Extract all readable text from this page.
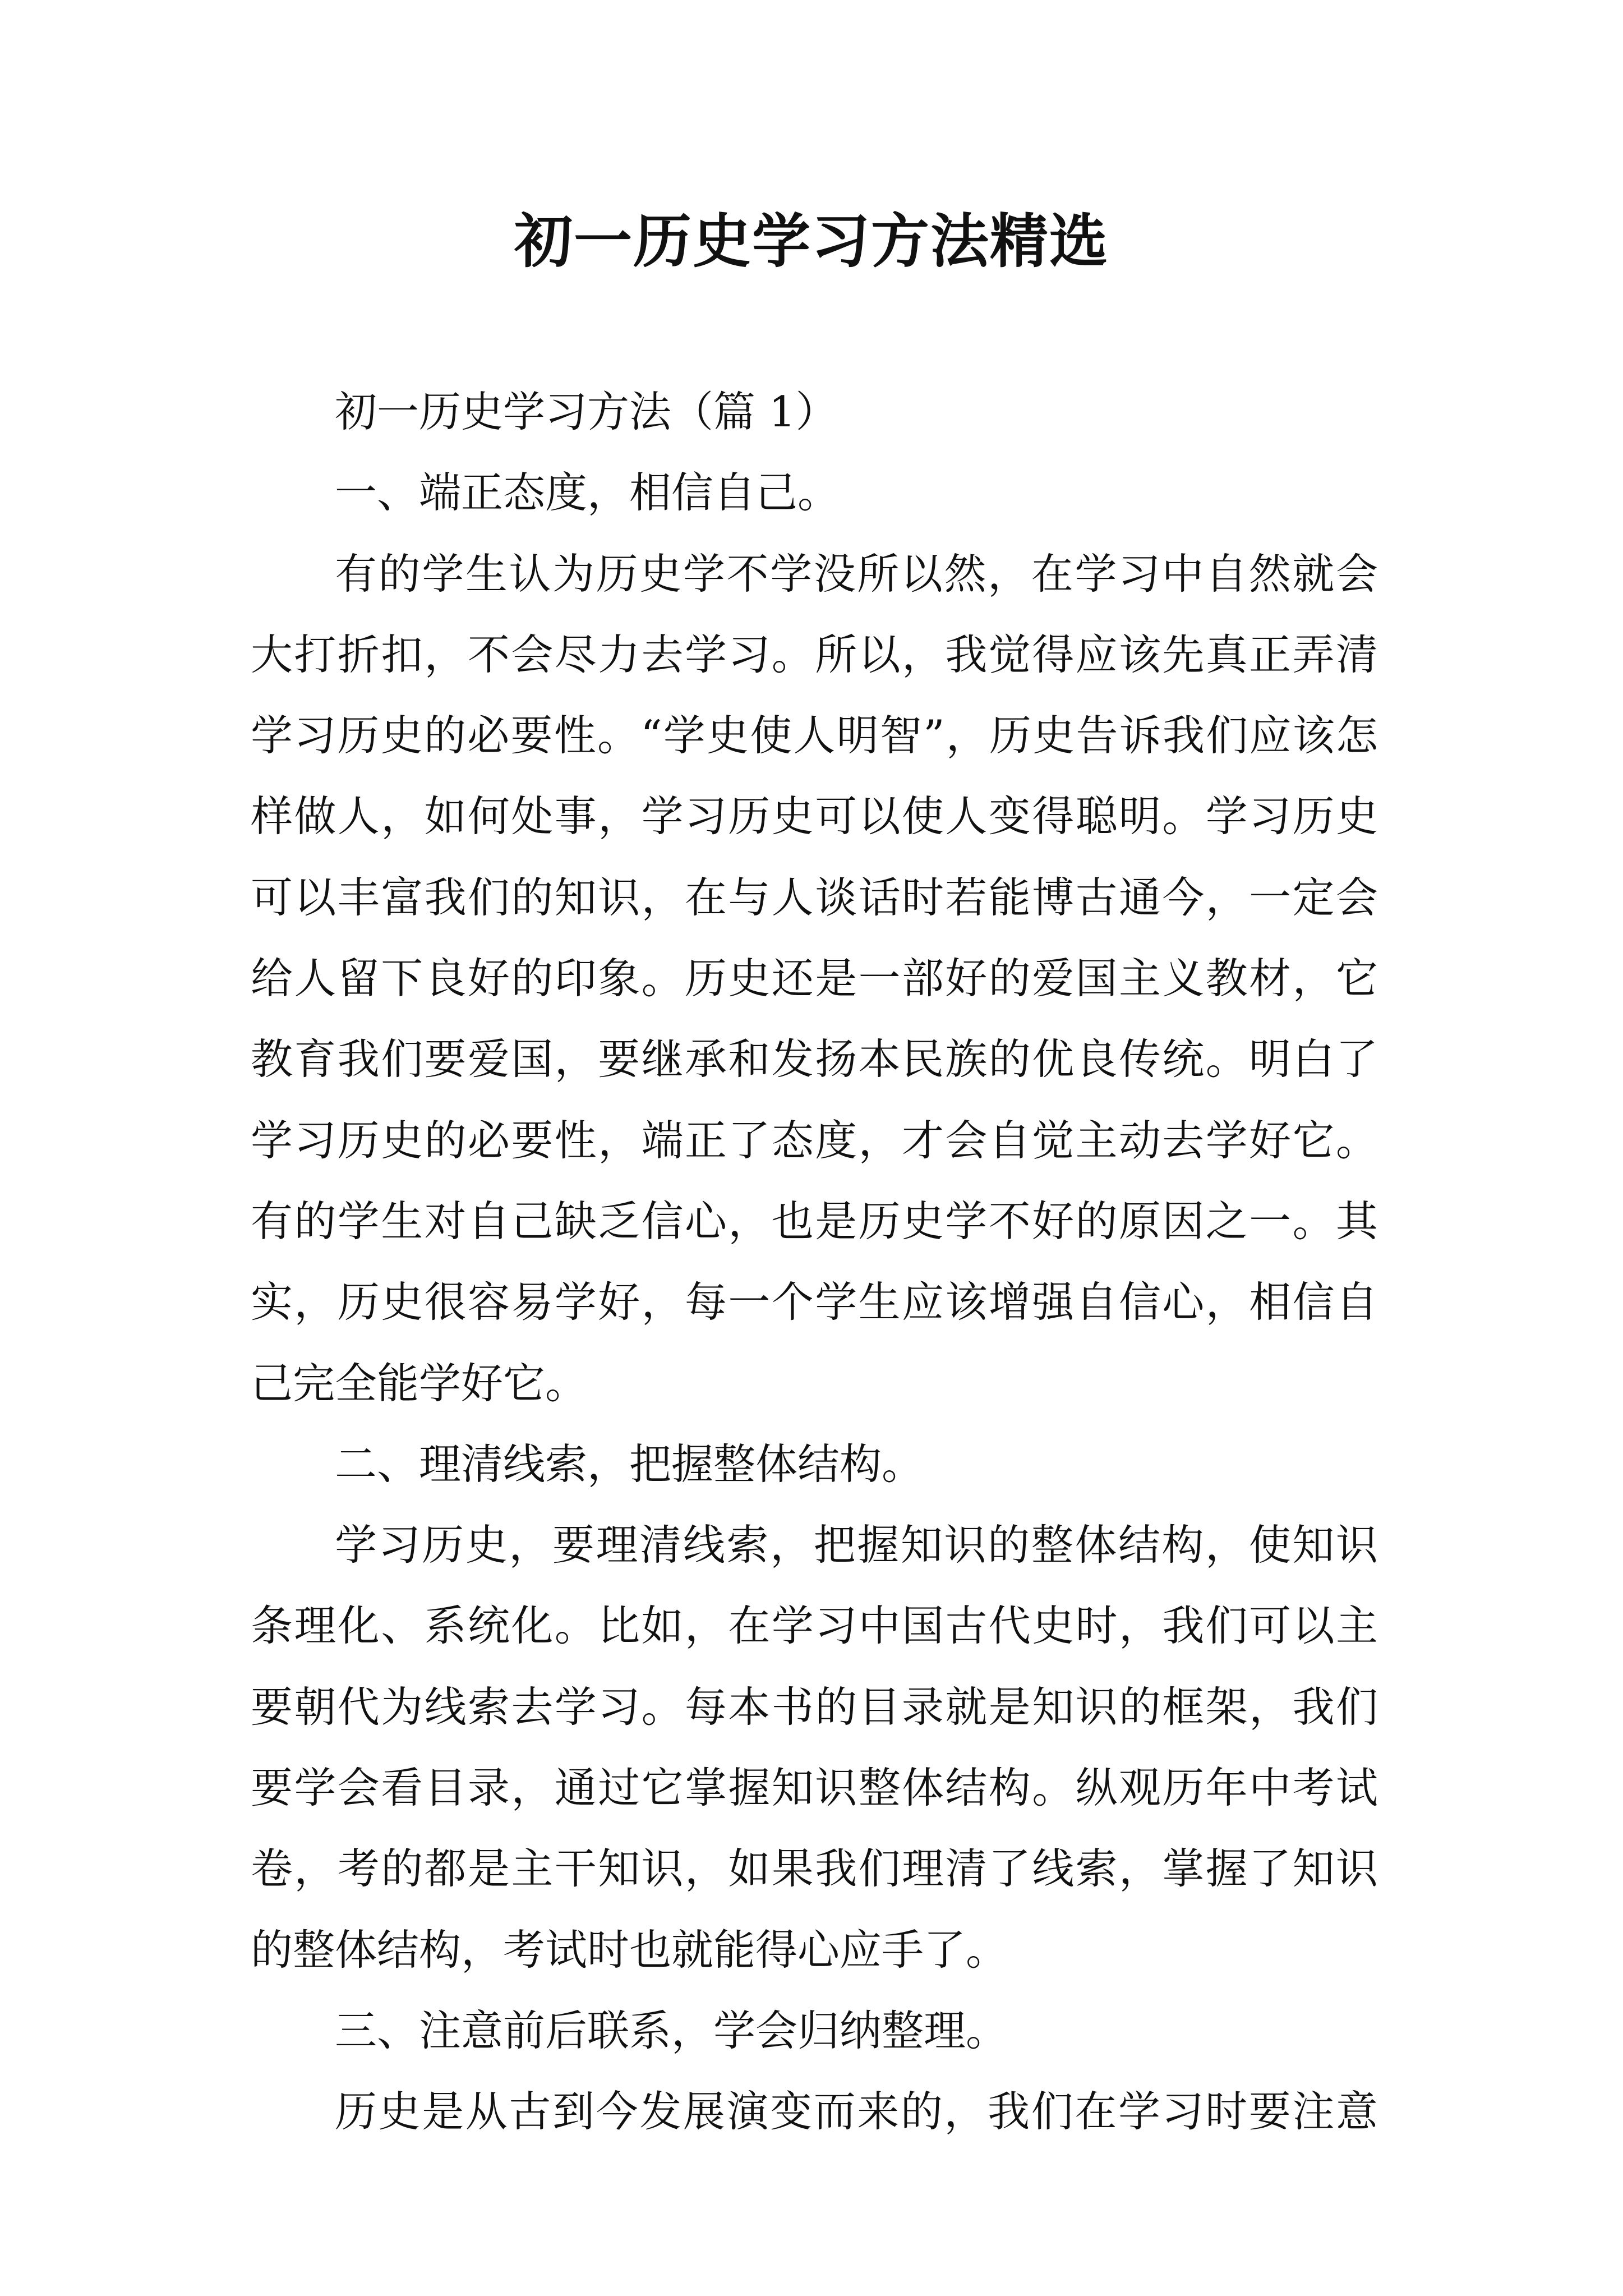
初一历史学习方法精选
初一历史学习方法（篇 1）
一、端正态度，相信自己。
有的学生认为历史学不学没所以然，在学习中自然就会
大打折扣，不会尽力去学习。所以，我觉得应该先真正弄清
学习历史的必要性。“学史使人明智”，历史告诉我们应该怎
样做人，如何处事，学习历史可以使人变得聪明。学习历史
可以丰富我们的知识，在与人谈话时若能博古通今，一定会
给人留下良好的印象。历史还是一部好的爱国主义教材，它
教育我们要爱国，要继承和发扬本民族的优良传统。明白了
学习历史的必要性，端正了态度，才会自觉主动去学好它。
有的学生对自己缺乏信心，也是历史学不好的原因之一。其
实，历史很容易学好，每一个学生应该增强自信心，相信自
己完全能学好它。
二、理清线索，把握整体结构。
学习历史，要理清线索，把握知识的整体结构，使知识
条理化、系统化。比如，在学习中国古代史时，我们可以主
要朝代为线索去学习。每本书的目录就是知识的框架，我们
要学会看目录，通过它掌握知识整体结构。纵观历年中考试
卷，考的都是主干知识，如果我们理清了线索，掌握了知识
的整体结构，考试时也就能得心应手了。
三、注意前后联系，学会归纳整理。
历史是从古到今发展演变而来的，我们在学习时要注意
